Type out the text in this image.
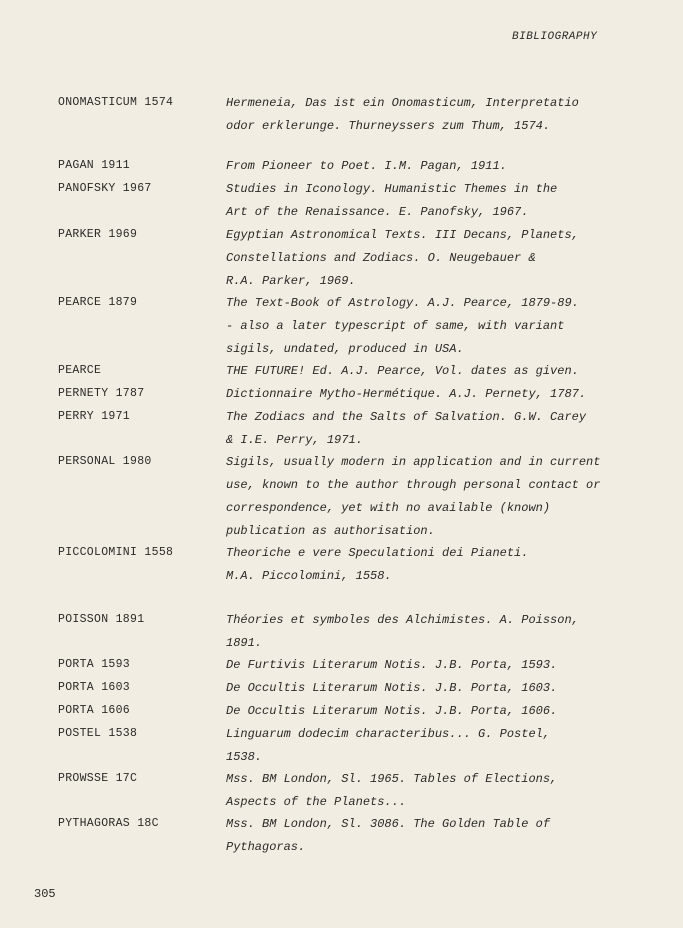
BIBLIOGRAPHY
ONOMASTICUM 1574	Hermeneia, Das ist ein Onomasticum, Interpretatio
odor erklerunge. Thurneyssers zum Thum, 1574.
PAGAN 1911	From Pioneer to Poet. I.M. Pagan, 1911.
PANOFSKY 1967	Studies in Iconology. Humanistic Themes in the
Art of the Renaissance. E. Panofsky, 1967.
PARKER 1969	Egyptian Astronomical Texts. III Decans, Planets,
Constellations and Zodiacs. O. Neugebauer &
R.A. Parker, 1969.
PEARCE 1879	The Text-Book of Astrology. A.J. Pearce, 1879-89.
- also a later typescript of same, with variant
sigils, undated, produced in USA.
PEARCE	THE FUTURE! Ed. A.J. Pearce, Vol. dates as given.
PERNETY 1787	Dictionnaire Mytho-Hermétique. A.J. Pernety, 1787.
PERRY 1971	The Zodiacs and the Salts of Salvation. G.W. Carey
& I.E. Perry, 1971.
PERSONAL 1980	Sigils, usually modern in application and in current
use, known to the author through personal contact or
correspondence, yet with no available (known)
publication as authorisation.
PICCOLOMINI 1558	Theoriche e vere Speculationi dei Pianeti.
M.A. Piccolomini, 1558.
POISSON 1891	Théories et symboles des Alchimistes. A. Poisson,
1891.
PORTA 1593	De Furtivis Literarum Notis. J.B. Porta, 1593.
PORTA 1603	De Occultis Literarum Notis. J.B. Porta, 1603.
PORTA 1606	De Occultis Literarum Notis. J.B. Porta, 1606.
POSTEL 1538	Linguarum dodecim characteribus... G. Postel,
1538.
PROWSSE 17C	Mss. BM London, Sl. 1965. Tables of Elections,
Aspects of the Planets...
PYTHAGORAS 18C	Mss. BM London, Sl. 3086. The Golden Table of
Pythagoras.
305
